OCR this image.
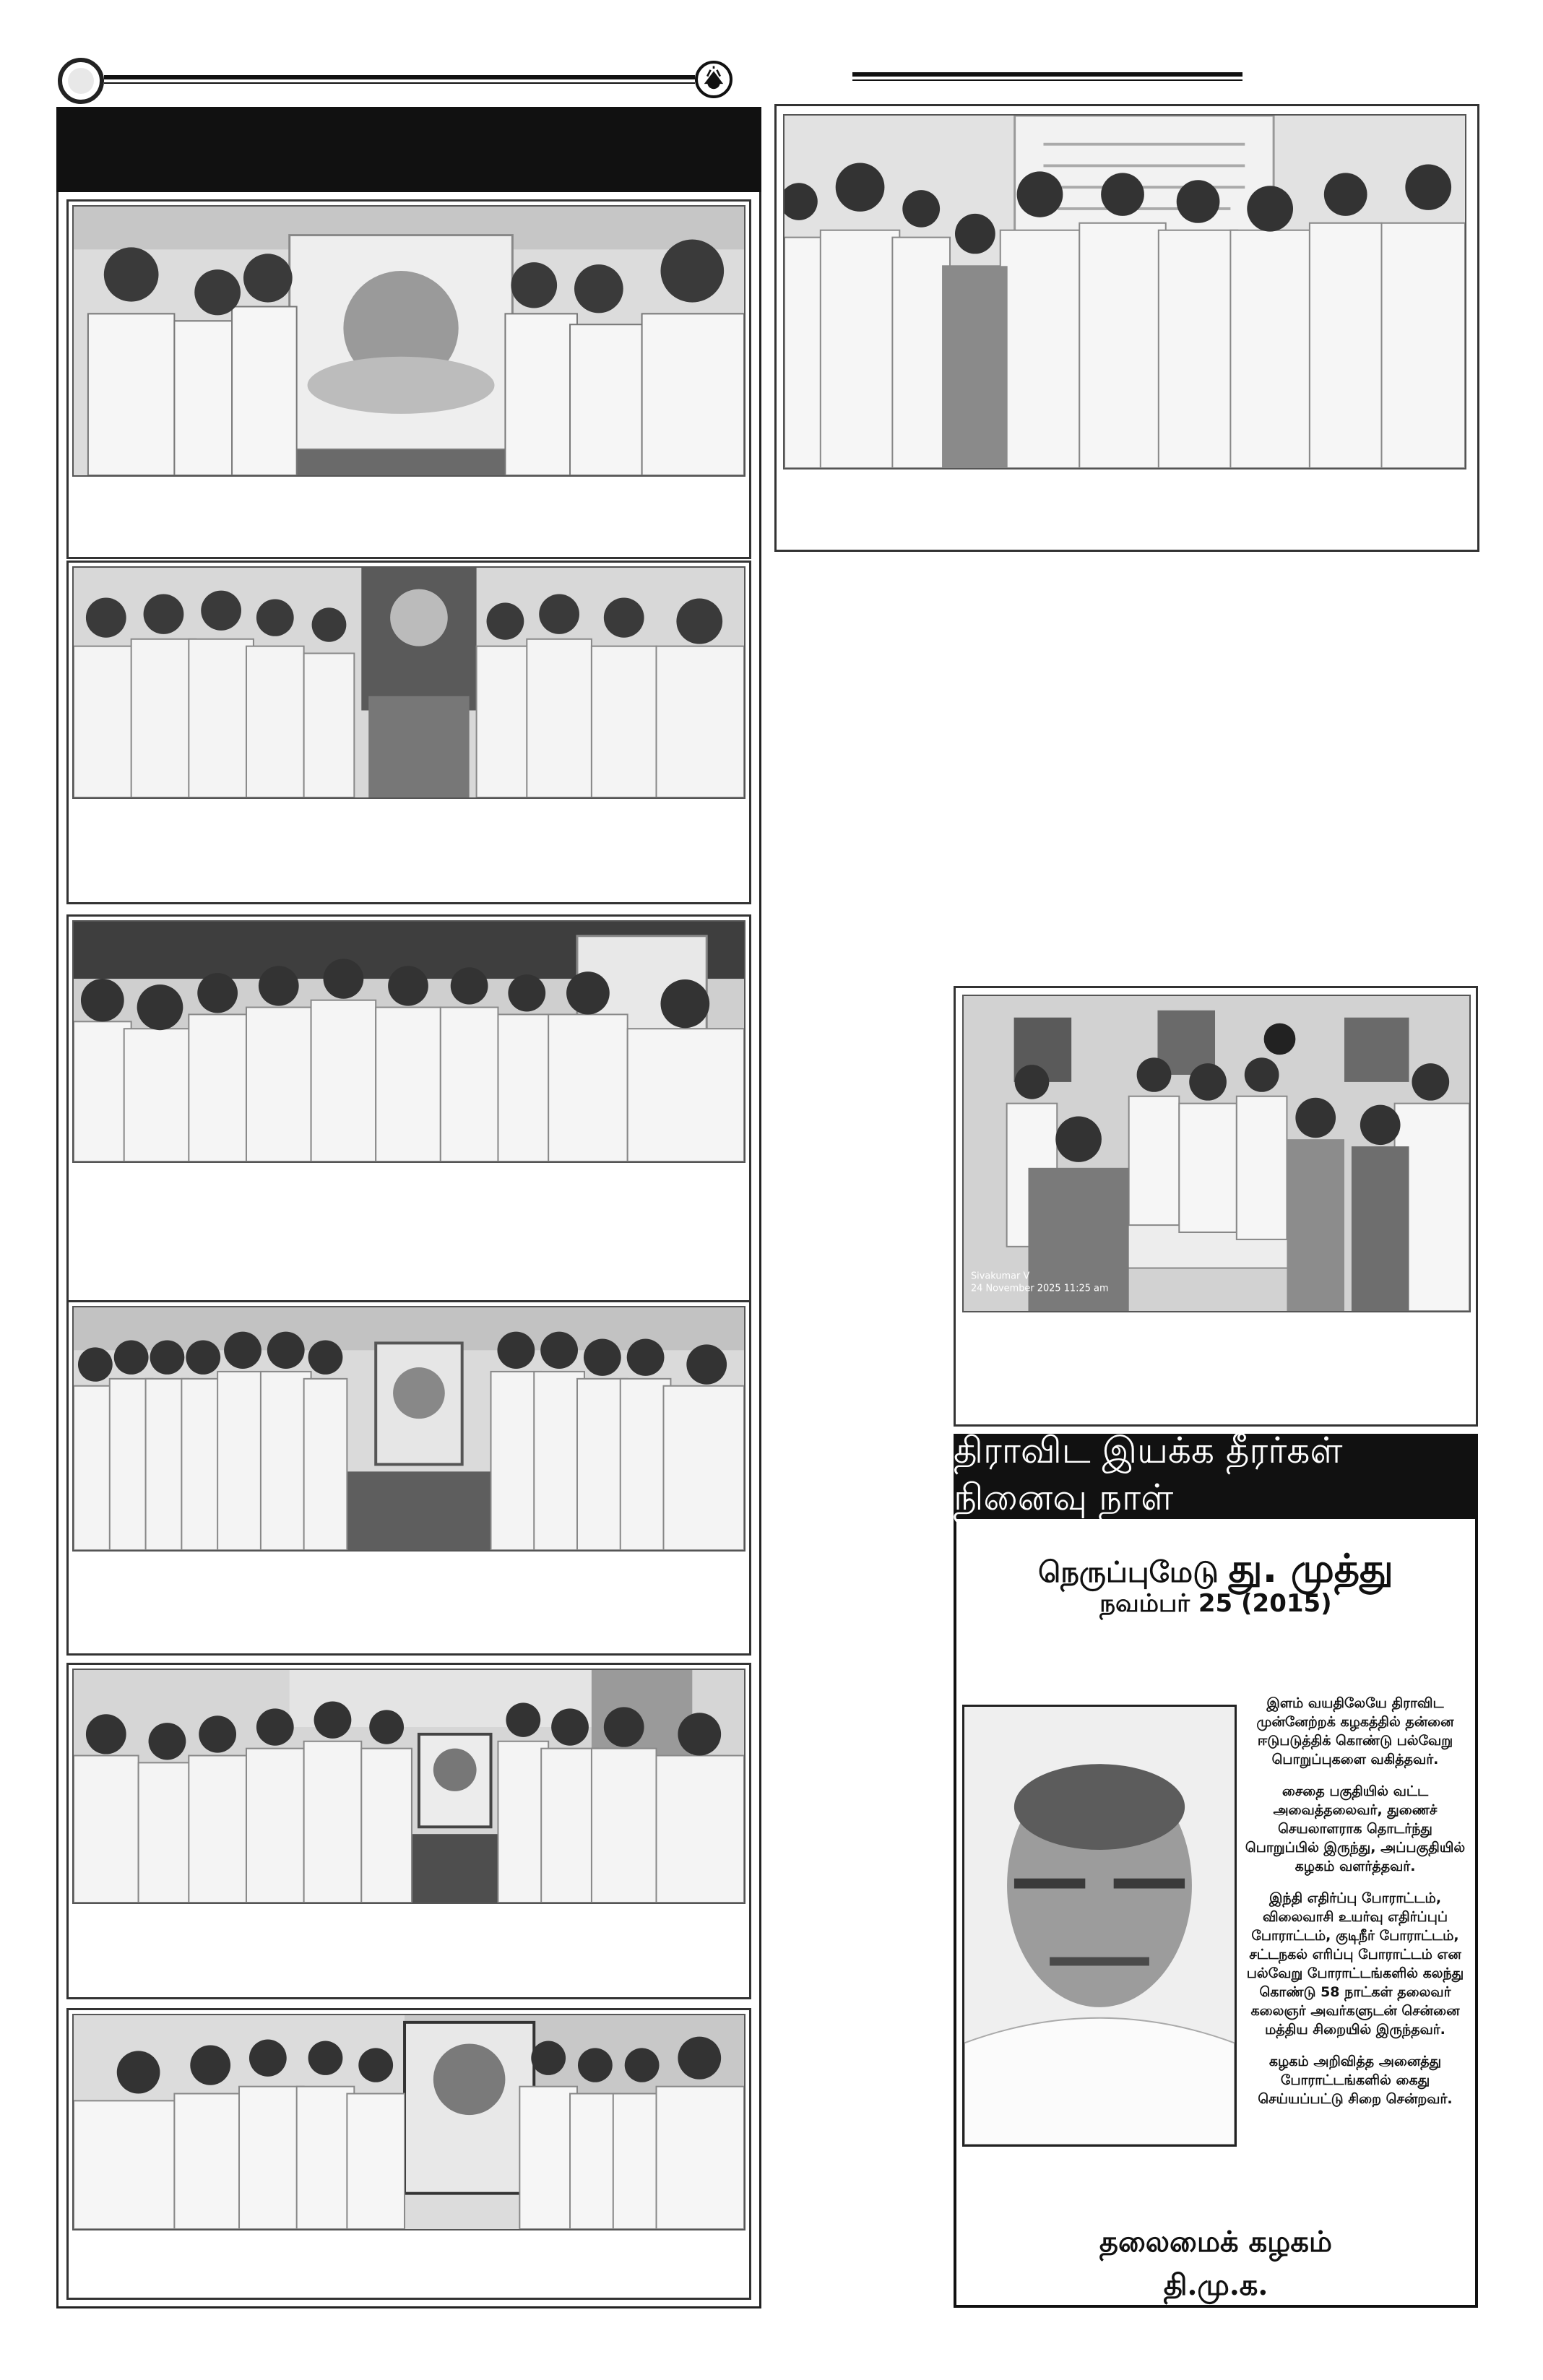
Sivakumar V
24 November 2025 11:25 am
திராவிட இயக்க தீரர்கள் நினைவு நாள்
நெருப்புமேடு து. முத்து
நவம்பர் 25 (2015)

இளம் வயதிலேயே திராவிட முன்னேற்றக் கழகத்தில் தன்னை ஈடுபடுத்திக் கொண்டு பல்வேறு பொறுப்புகளை வகித்தவர்.

சைதை பகுதியில் வட்ட அவைத்தலைவர், துணைச் செயலாளராக தொடர்ந்து பொறுப்பில் இருந்து, அப்பகுதியில் கழகம் வளர்த்தவர்.

இந்தி எதிர்ப்பு போராட்டம், விலைவாசி உயர்வு எதிர்ப்புப் போராட்டம், குடிநீர் போராட்டம், சட்டநகல் எரிப்பு போராட்டம் என பல்வேறு போராட்டங்களில் கலந்து கொண்டு 58 நாட்கள் தலைவர் கலைஞர் அவர்களுடன் சென்னை மத்திய சிறையில் இருந்தவர்.

கழகம் அறிவித்த அனைத்து போராட்டங்களில் கைது செய்யப்பட்டு சிறை சென்றவர்.

தலைமைக் கழகம்
தி.மு.க.
